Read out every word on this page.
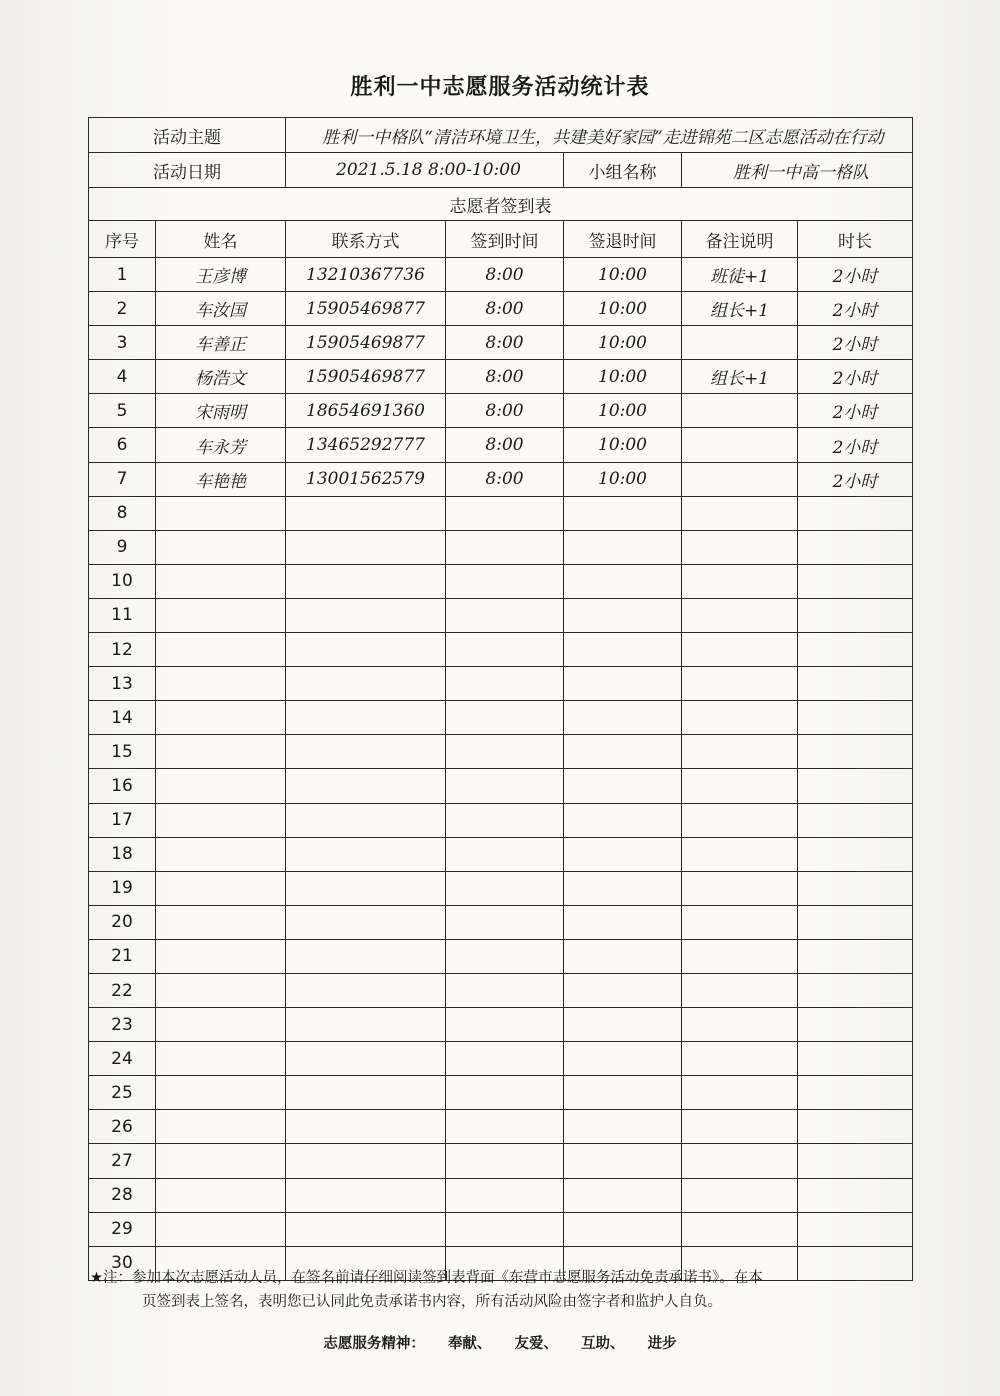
胜利一中志愿服务活动统计表
活动主题		胜利一中格队“清洁环境卫生，共建美好家园”走进锦苑二区志愿活动在行动				
活动日期		2021.5.18 8:00-10:00		小组名称	胜利一中高一格队	
志愿者签到表						
序号	姓名	联系方式	签到时间	签退时间	备注说明	时长
1	王彦博	13210367736	8:00	10:00	班徒+1	2小时
2	车汝国	15905469877	8:00	10:00	组长+1	2小时
3	车善正	15905469877	8:00	10:00		2小时
4	杨浩文	15905469877	8:00	10:00	组长+1	2小时
5	宋雨明	18654691360	8:00	10:00		2小时
6	车永芳	13465292777	8:00	10:00		2小时
7	车艳艳	13001562579	8:00	10:00		2小时
8						
9						
10						
11						
12						
13						
14						
15						
16						
17						
18						
19						
20						
21						
22						
23						
24						
25						
26						
27						
28						
29						
30						
★注：参加本次志愿活动人员，在签名前请仔细阅读签到表背面《东营市志愿服务活动免责承诺书》。在本
页签到表上签名，表明您已认同此免责承诺书内容，所有活动风险由签字者和监护人自负。
志愿服务精神： 奉献、 友爱、 互助、 进步
